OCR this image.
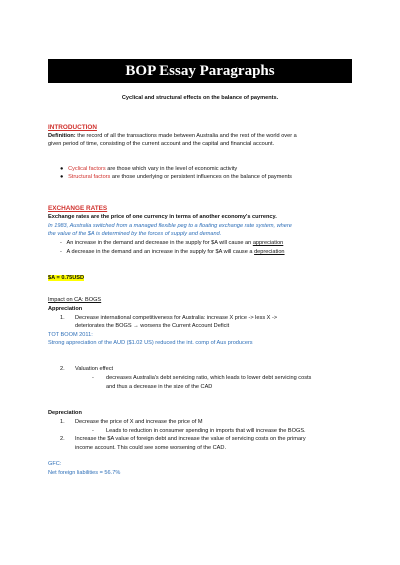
BOP Essay Paragraphs
Cyclical and structural effects on the balance of payments.
INTRODUCTION
Definition: the record of all the transactions made between Australia and the rest of the world over a
given period of time, consisting of the current account and the capital and financial account.
● Cyclical factors are those which vary in the level of economic activity
● Structural factors are those underlying or persistent influences on the balance of payments
EXCHANGE RATES
Exchange rates are the price of one currency in terms of another economy's currency.
In 1983, Australia switched from a managed flexible peg to a floating exchange rate system, where
the value of the $A is determined by the forces of supply and demand.
- An increase in the demand and decrease in the supply for $A will cause an appreciation
- A decrease in the demand and an increase in the supply for $A will cause a depreciation
$A = 0.75USD
Impact on CA: BOGS
Appreciation
1. Decrease international competitiveness for Australia: increase X price -> less X ->
deteriorates the BOGS → worsens the Current Account Deficit
TOT BOOM 2011:
Strong appreciation of the AUD ($1.02 US) reduced the int. comp of Aus producers
2. Valuation effect
- decreases Australia's debt servicing ratio, which leads to lower debt servicing costs
and thus a decrease in the size of the CAD
Depreciation
1. Decrease the price of X and increase the price of M
- Leads to reduction in consumer spending in imports that will increase the BOGS.
2. Increase the $A value of foreign debt and increase the value of servicing costs on the primary
income account. This could see some worsening of the CAD.
GFC:
Net foreign liabilities = 56.7%
